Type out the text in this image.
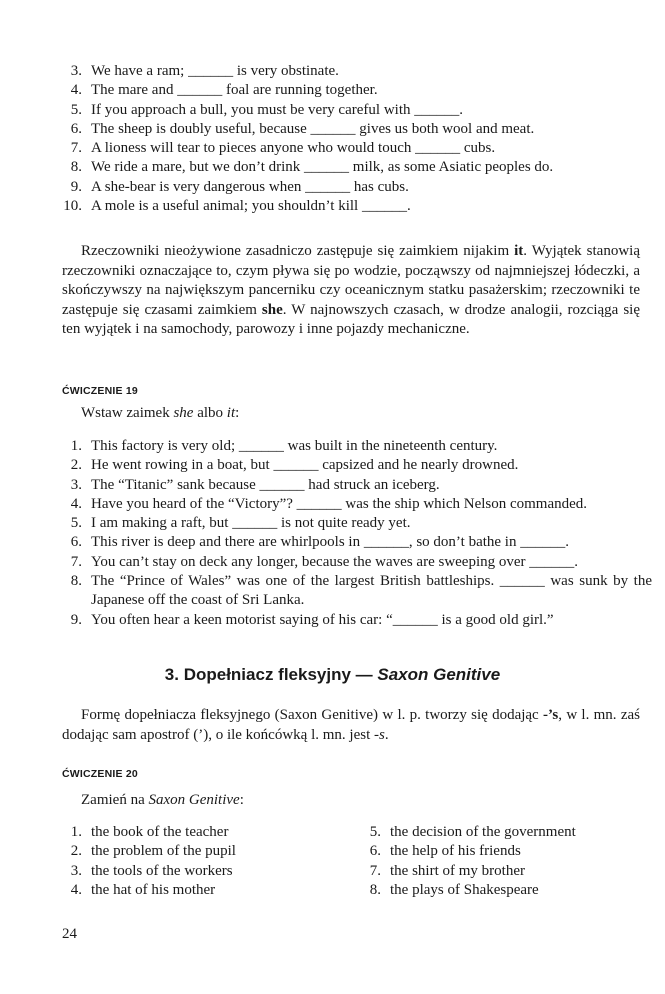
3. We have a ram; ______ is very obstinate.
4. The mare and ______ foal are running together.
5. If you approach a bull, you must be very careful with ______.
6. The sheep is doubly useful, because ______ gives us both wool and meat.
7. A lioness will tear to pieces anyone who would touch ______ cubs.
8. We ride a mare, but we don’t drink ______ milk, as some Asiatic peoples do.
9. A she-bear is very dangerous when ______ has cubs.
10. A mole is a useful animal; you shouldn’t kill ______.

Rzeczowniki nieożywione zasadniczo zastępuje się zaimkiem nijakim it. Wyjątek stanowią rzeczowniki oznaczające to, czym pływa się po wodzie, począwszy od najmniejszej łódeczki, a skończywszy na największym pancerniku czy oceanicznym statku pasażerskim; rzeczowniki te zastępuje się czasami zaimkiem she. W najnowszych czasach, w drodze analogii, rozciąga się ten wyjątek i na samochody, parowozy i inne pojazdy mechaniczne.

ĆWICZENIE 19

Wstaw zaimek she albo it:

1. This factory is very old; ______ was built in the nineteenth century.
2. He went rowing in a boat, but ______ capsized and he nearly drowned.
3. The “Titanic” sank because ______ had struck an iceberg.
4. Have you heard of the “Victory”? ______ was the ship which Nelson commanded.
5. I am making a raft, but ______ is not quite ready yet.
6. This river is deep and there are whirlpools in ______, so don’t bathe in ______.
7. You can’t stay on deck any longer, because the waves are sweeping over ______.
8. The “Prince of Wales” was one of the largest British battleships. ______ was sunk by the Japanese off the coast of Sri Lanka.
9. You often hear a keen motorist saying of his car: “______ is a good old girl.”

3. Dopełniacz fleksyjny — Saxon Genitive

Formę dopełniacza fleksyjnego (Saxon Genitive) w l. p. tworzy się dodając -’s, w l. mn. zaś dodając sam apostrof (’), o ile końcówką l. mn. jest -s.

ĆWICZENIE 20

Zamień na Saxon Genitive:

1. the book of the teacher
2. the problem of the pupil
3. the tools of the workers
4. the hat of his mother
5. the decision of the government
6. the help of his friends
7. the shirt of my brother
8. the plays of Shakespeare

24
